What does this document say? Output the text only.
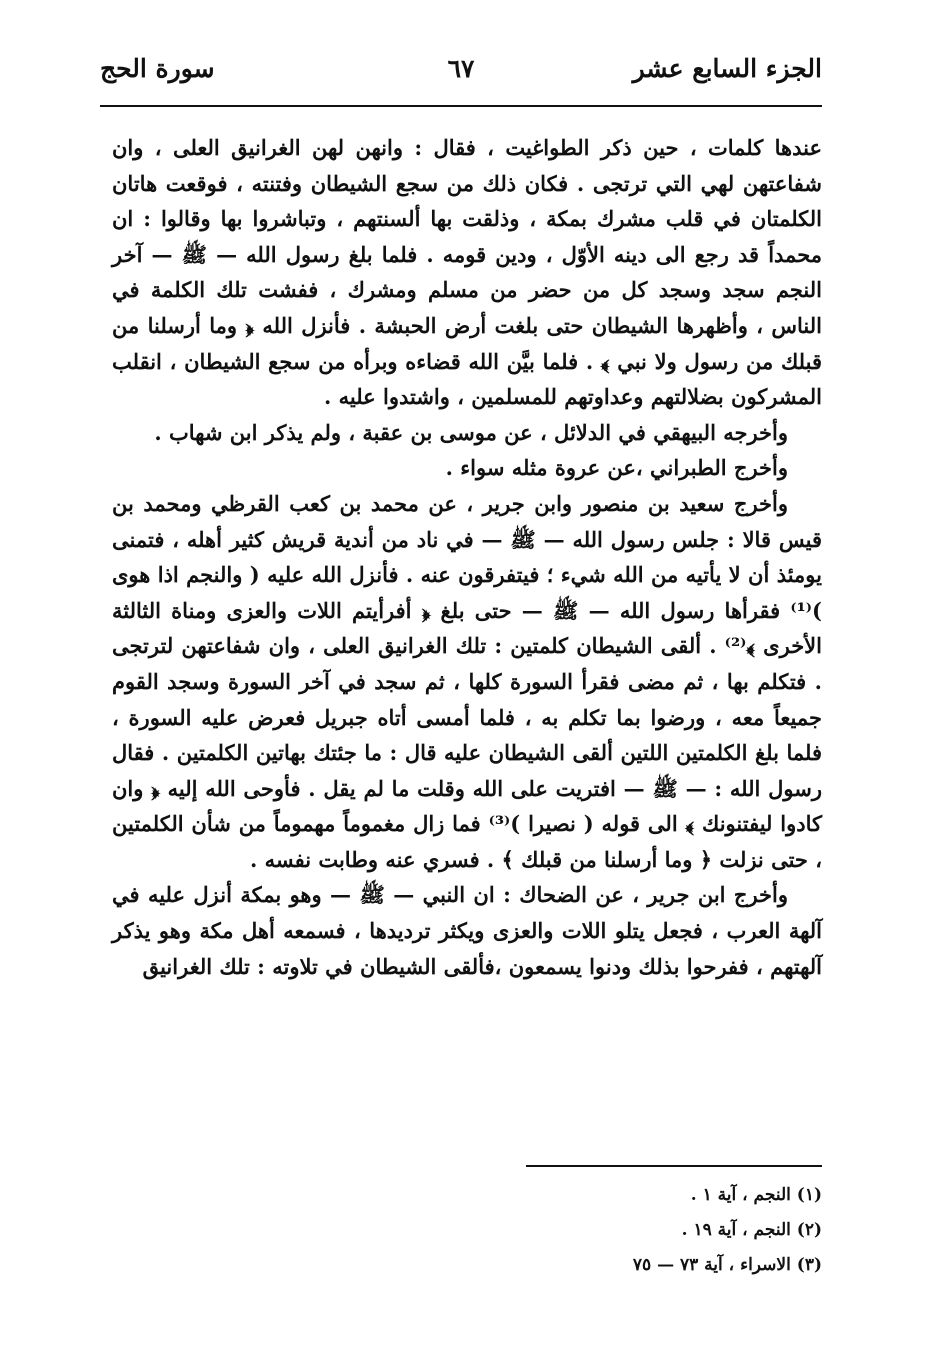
الجزء السابع عشر
٦٧
سورة الحج

عندها كلمات ، حين ذكر الطواغيت ، فقال : وانهن لهن الغرانيق العلى ، وان شفاعتهن لهي التي ترتجى . فكان ذلك من سجع الشيطان وفتنته ، فوقعت هاتان الكلمتان في قلب مشرك بمكة ، وذلقت بها ألسنتهم ، وتباشروا بها وقالوا : ان محمداً قد رجع الى دينه الأوّل ، ودين قومه . فلما بلغ رسول الله — ﷺ — آخر النجم سجد وسجد كل من حضر من مسلم ومشرك ، ففشت تلك الكلمة في الناس ، وأظهرها الشيطان حتى بلغت أرض الحبشة . فأنزل الله ﴿ وما أرسلنا من قبلك من رسول ولا نبي ﴾ . فلما بيَّن الله قضاءه وبرأه من سجع الشيطان ، انقلب المشركون بضلالتهم وعداوتهم للمسلمين ، واشتدوا عليه .

وأخرجه البيهقي في الدلائل ، عن موسى بن عقبة ، ولم يذكر ابن شهاب .

وأخرج الطبراني ،عن عروة مثله سواء .

وأخرج سعيد بن منصور وابن جرير ، عن محمد بن كعب القرظي ومحمد بن قيس قالا : جلس رسول الله — ﷺ — في ناد من أندية قريش كثير أهله ، فتمنى يومئذ أن لا يأتيه من الله شيء ؛ فيتفرقون عنه . فأنزل الله عليه ( والنجم اذا هوى )⁽¹⁾ فقرأها رسول الله — ﷺ — حتى بلغ ﴿ أفرأيتم اللات والعزى ومناة الثالثة الأخرى ﴾⁽²⁾ . ألقى الشيطان كلمتين : تلك الغرانيق العلى ، وان شفاعتهن لترتجى . فتكلم بها ، ثم مضى فقرأ السورة كلها ، ثم سجد في آخر السورة وسجد القوم جميعاً معه ، ورضوا بما تكلم به ، فلما أمسى أتاه جبريل فعرض عليه السورة ، فلما بلغ الكلمتين اللتين ألقى الشيطان عليه قال : ما جئتك بهاتين الكلمتين . فقال رسول الله : — ﷺ — افتريت على الله وقلت ما لم يقل . فأوحى الله إليه ﴿ وان كادوا ليفتنونك ﴾ الى قوله ( نصيرا )⁽³⁾ فما زال مغموماً مهموماً من شأن الكلمتين ، حتى نزلت ﴿ وما أرسلنا من قبلك ﴾ . فسري عنه وطابت نفسه .

وأخرج ابن جرير ، عن الضحاك : ان النبي — ﷺ — وهو بمكة أنزل عليه في آلهة العرب ، فجعل يتلو اللات والعزى ويكثر ترديدها ، فسمعه أهل مكة وهو يذكر آلهتهم ، ففرحوا بذلك ودنوا يسمعون ،فألقى الشيطان في تلاوته : تلك الغرانيق

(١) النجم ، آية ١ .
(٢) النجم ، آية ١٩ .
(٣) الاسراء ، آية ٧٣ — ٧٥
